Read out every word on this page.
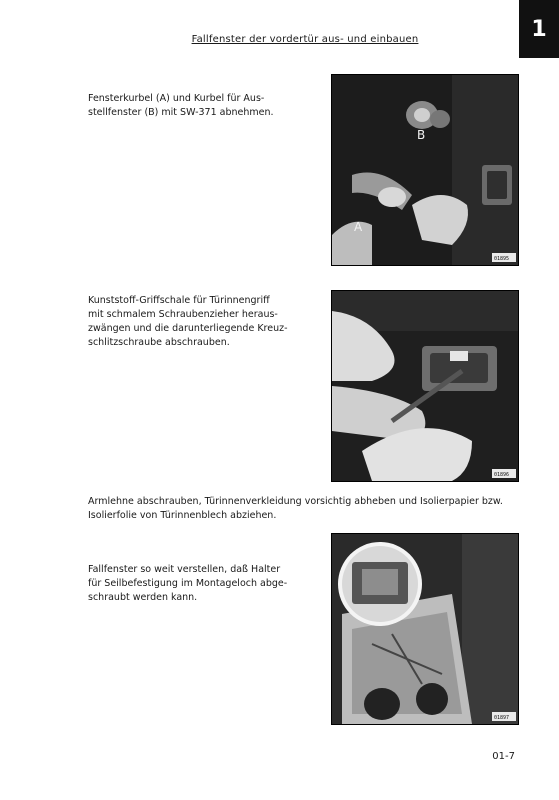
Fallfenster der vordertür aus- und einbauen	1
Fensterkurbel (A) und Kurbel für Aus-
stellfenster (B) mit SW-371 abnehmen.
B
A
01895
Kunststoff-Griffschale für Türinnengriff
mit schmalem Schraubenzieher heraus-
zwängen und die darunterliegende Kreuz-
schlitzschraube abschrauben.
01896
Armlehne abschrauben, Türinnenverkleidung vorsichtig abheben und Isolierpapier bzw.
Isolierfolie von Türinnenblech abziehen.
Fallfenster so weit verstellen, daß Halter
für Seilbefestigung im Montageloch abge-
schraubt werden kann.
01897
01-7
